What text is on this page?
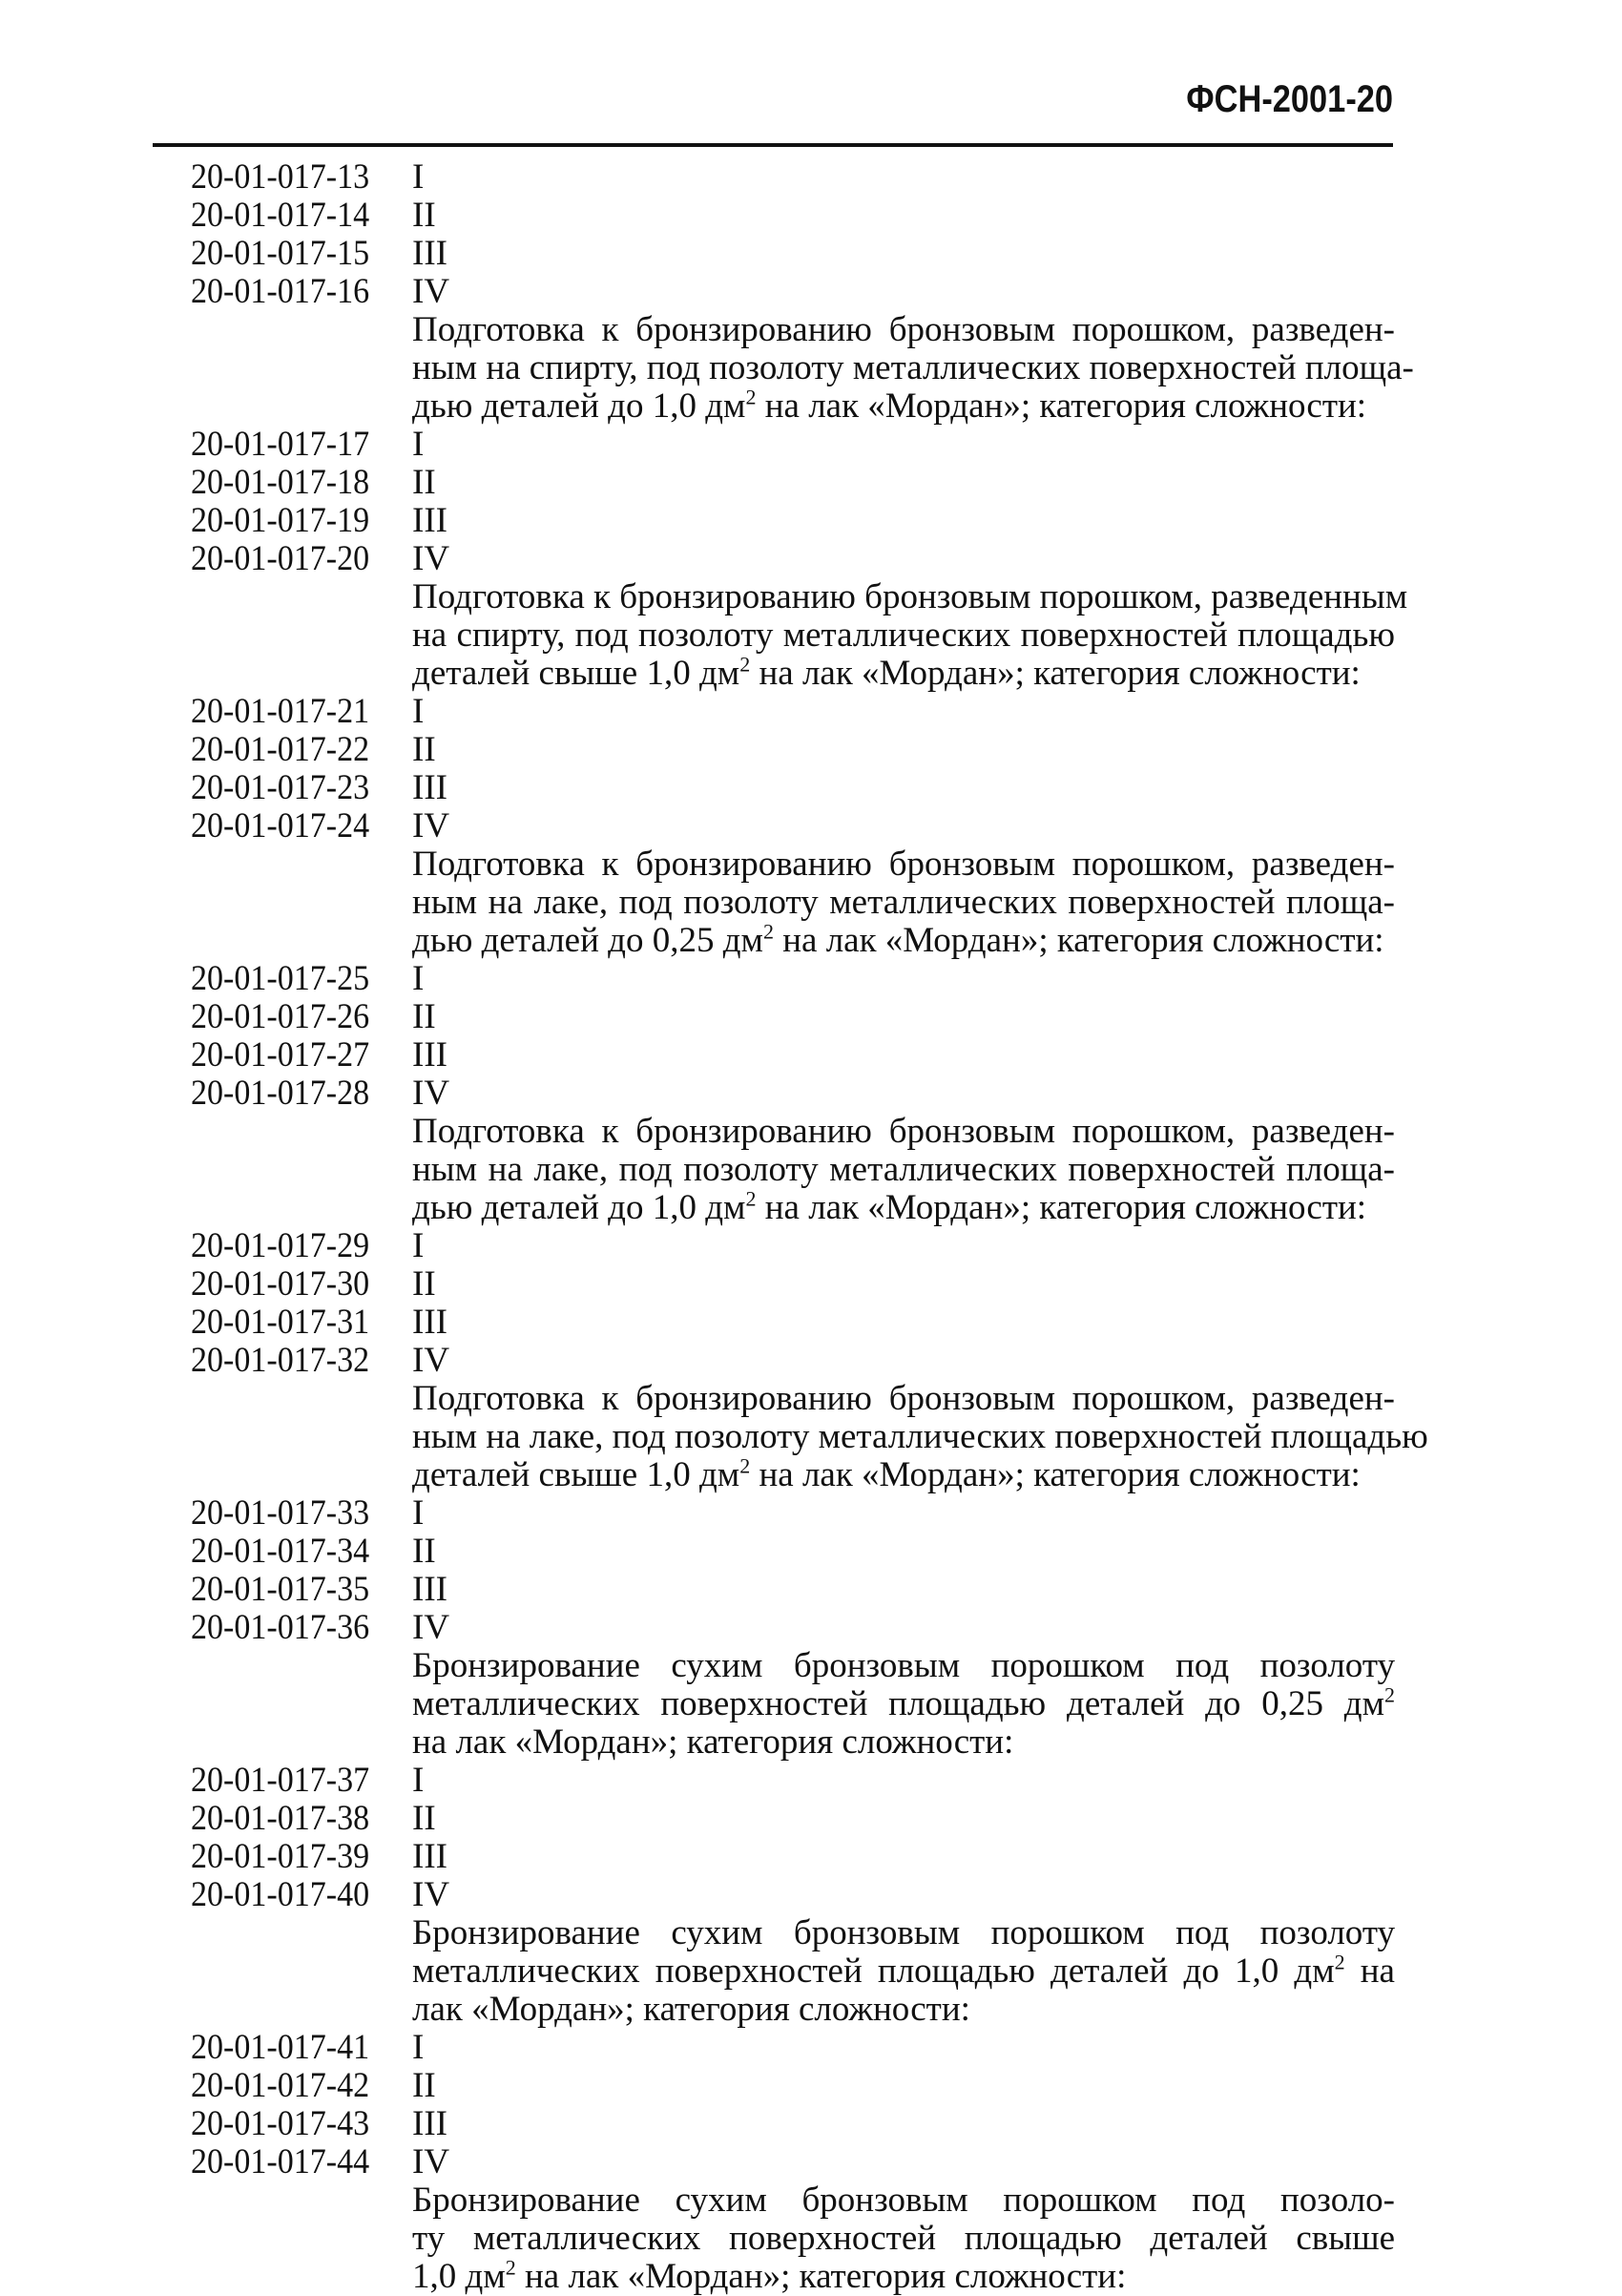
ФСН-2001-20
20-01-017-13	I
20-01-017-14	II
20-01-017-15	III
20-01-017-16	IV
Подготовка к бронзированию бронзовым порошком, разведен-
ным на спирту, под позолоту металлических поверхностей площа-
дью деталей до 1,0 $дм^2$ на лак «Мордан»; категория сложности:
20-01-017-17	I
20-01-017-18	II
20-01-017-19	III
20-01-017-20	IV
Подготовка к бронзированию бронзовым порошком, разведенным
на спирту, под позолоту металлических поверхностей площадью
деталей свыше 1,0 $дм^2$ на лак «Мордан»; категория сложности:
20-01-017-21	I
20-01-017-22	II
20-01-017-23	III
20-01-017-24	IV
Подготовка к бронзированию бронзовым порошком, разведен-
ным на лаке, под позолоту металлических поверхностей площа-
дью деталей до 0,25 $дм^2$ на лак «Мордан»; категория сложности:
20-01-017-25	I
20-01-017-26	II
20-01-017-27	III
20-01-017-28	IV
Подготовка к бронзированию бронзовым порошком, разведен-
ным на лаке, под позолоту металлических поверхностей площа-
дью деталей до 1,0 $дм^2$ на лак «Мордан»; категория сложности:
20-01-017-29	I
20-01-017-30	II
20-01-017-31	III
20-01-017-32	IV
Подготовка к бронзированию бронзовым порошком, разведен-
ным на лаке, под позолоту металлических поверхностей площадью
деталей свыше 1,0 $дм^2$ на лак «Мордан»; категория сложности:
20-01-017-33	I
20-01-017-34	II
20-01-017-35	III
20-01-017-36	IV
Бронзирование сухим бронзовым порошком под позолоту
металлических поверхностей площадью деталей до 0,25 $дм^2$
на лак «Мордан»; категория сложности:
20-01-017-37	I
20-01-017-38	II
20-01-017-39	III
20-01-017-40	IV
Бронзирование сухим бронзовым порошком под позолоту
металлических поверхностей площадью деталей до 1,0 $дм^2$ на
лак «Мордан»; категория сложности:
20-01-017-41	I
20-01-017-42	II
20-01-017-43	III
20-01-017-44	IV
Бронзирование сухим бронзовым порошком под позоло-
ту металлических поверхностей площадью деталей свыше
1,0 $дм^2$ на лак «Мордан»; категория сложности:
